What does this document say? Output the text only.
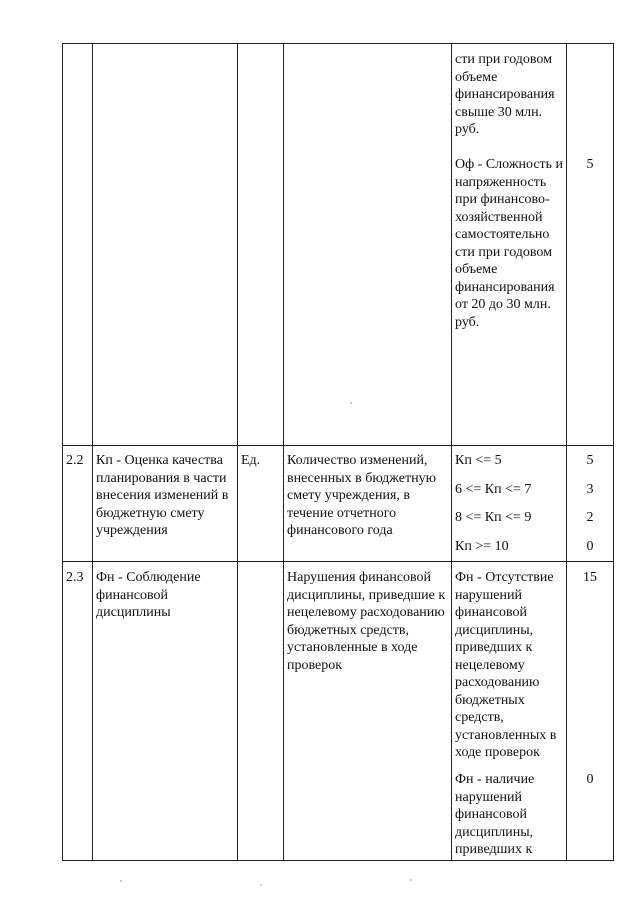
сти при годовом объеме финансирования свыше 30 млн. руб.

Оф - Сложность и напряженность при финансово-хозяйственной самостоятельно сти при годовом объеме финансирования от 20 до 30 млн. руб.

5
2.2 Кп - Оценка качества планирования в части внесения изменений в бюджетную смету учреждения

Ед.	Количество изменений, внесенных в бюджетную смету учреждения, в течение отчетного финансового года

Кп <= 5
6 <= Кп <= 7
8 <= Кп <= 9
Кп >= 10
5
3
2
0
2.3 Фн - Соблюдение финансовой дисциплины

Нарушения финансовой дисциплины, приведшие к нецелевому расходованию бюджетных средств, установленные в ходе проверок

Фн - Отсутствие нарушений финансовой дисциплины, приведших к нецелевому расходованию бюджетных средств, установленных в ходе проверок

15

Фн - наличие нарушений финансовой дисциплины, приведших к

0
